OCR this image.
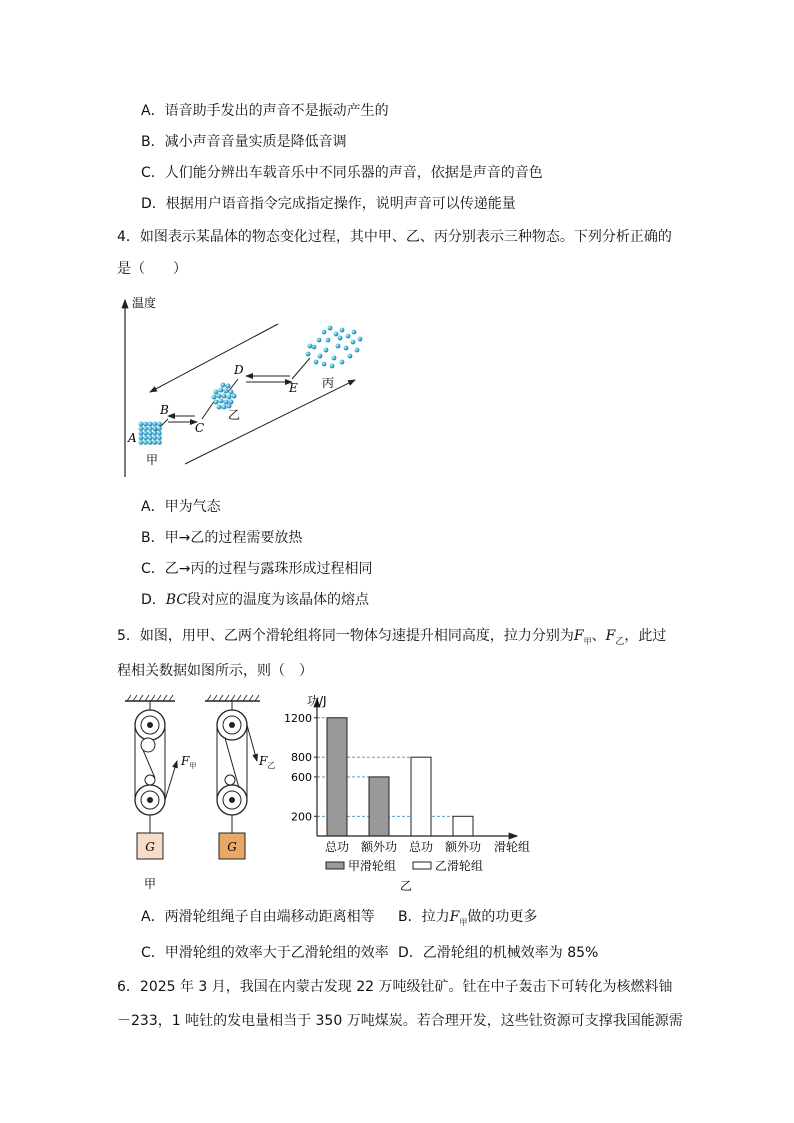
A．语音助手发出的声音不是振动产生的
B．减小声音音量实质是降低音调
C．人们能分辨出车载音乐中不同乐器的声音，依据是声音的音色
D．根据用户语音指令完成指定操作，说明声音可以传递能量
4．如图表示某晶体的物态变化过程，其中甲、乙、丙分别表示三种物态。下列分析正确的
是（　　）
温度
A
B
C
D
E
甲
乙
丙
A．甲为气态
B．甲→乙的过程需要放热
C．乙→丙的过程与露珠形成过程相同
D．BC段对应的温度为该晶体的熔点
5．如图，用甲、乙两个滑轮组将同一物体匀速提升相同高度，拉力分别为$F_甲$、$F_乙$，此过
程相关数据如图所示，则（　）
G
$F_甲$
甲
G
$F_乙$
200
600
800
1200
功/J
总功 额外功 总功 额外功 滑轮组
甲滑轮组	乙滑轮组
乙
A．两滑轮组绳子自由端移动距离相等 B．拉力$F_甲$做的功更多
C．甲滑轮组的效率大于乙滑轮组的效率 D．乙滑轮组的机械效率为 85%
6．2025 年 3 月，我国在内蒙古发现 22 万吨级钍矿。钍在中子轰击下可转化为核燃料铀
－233，1 吨钍的发电量相当于 350 万吨煤炭。若合理开发，这些钍资源可支撑我国能源需
